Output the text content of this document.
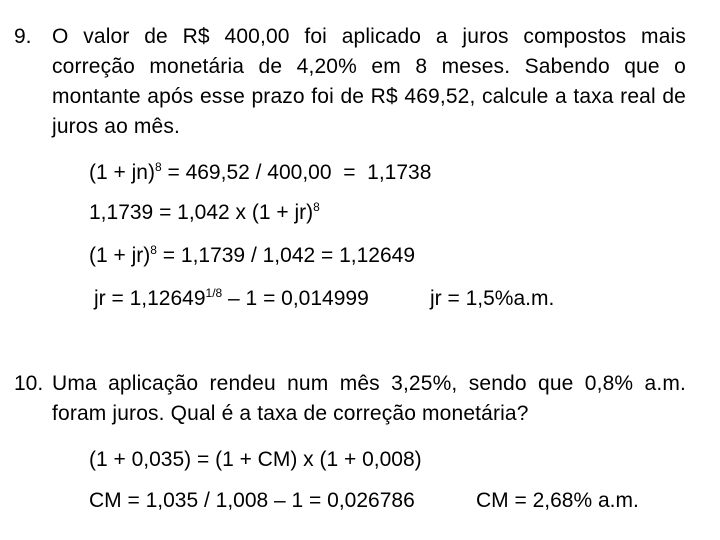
9. O valor de R$ 400,00 foi aplicado a juros compostos mais
correção monetária de 4,20% em 8 meses. Sabendo que o
montante após esse prazo foi de R$ 469,52, calcule a taxa real de
juros ao mês.
(1 + jn)$^8$ = 469,52 / 400,00  =  1,1738
1,1739 = 1,042 x (1 + jr)$^8$
(1 + jr)$^8$ = 1,1739 / 1,042 = 1,12649
jr = $1,12649^{1/8} - 1 = 0,014999$	jr = 1,5%a.m.
10. Uma aplicação rendeu num mês 3,25%, sendo que 0,8% a.m.
foram juros. Qual é a taxa de correção monetária?
(1 + 0,035) = (1 + CM) x (1 + 0,008)
CM = 1,035 / 1,008 – 1 = 0,026786	CM = 2,68% a.m.
